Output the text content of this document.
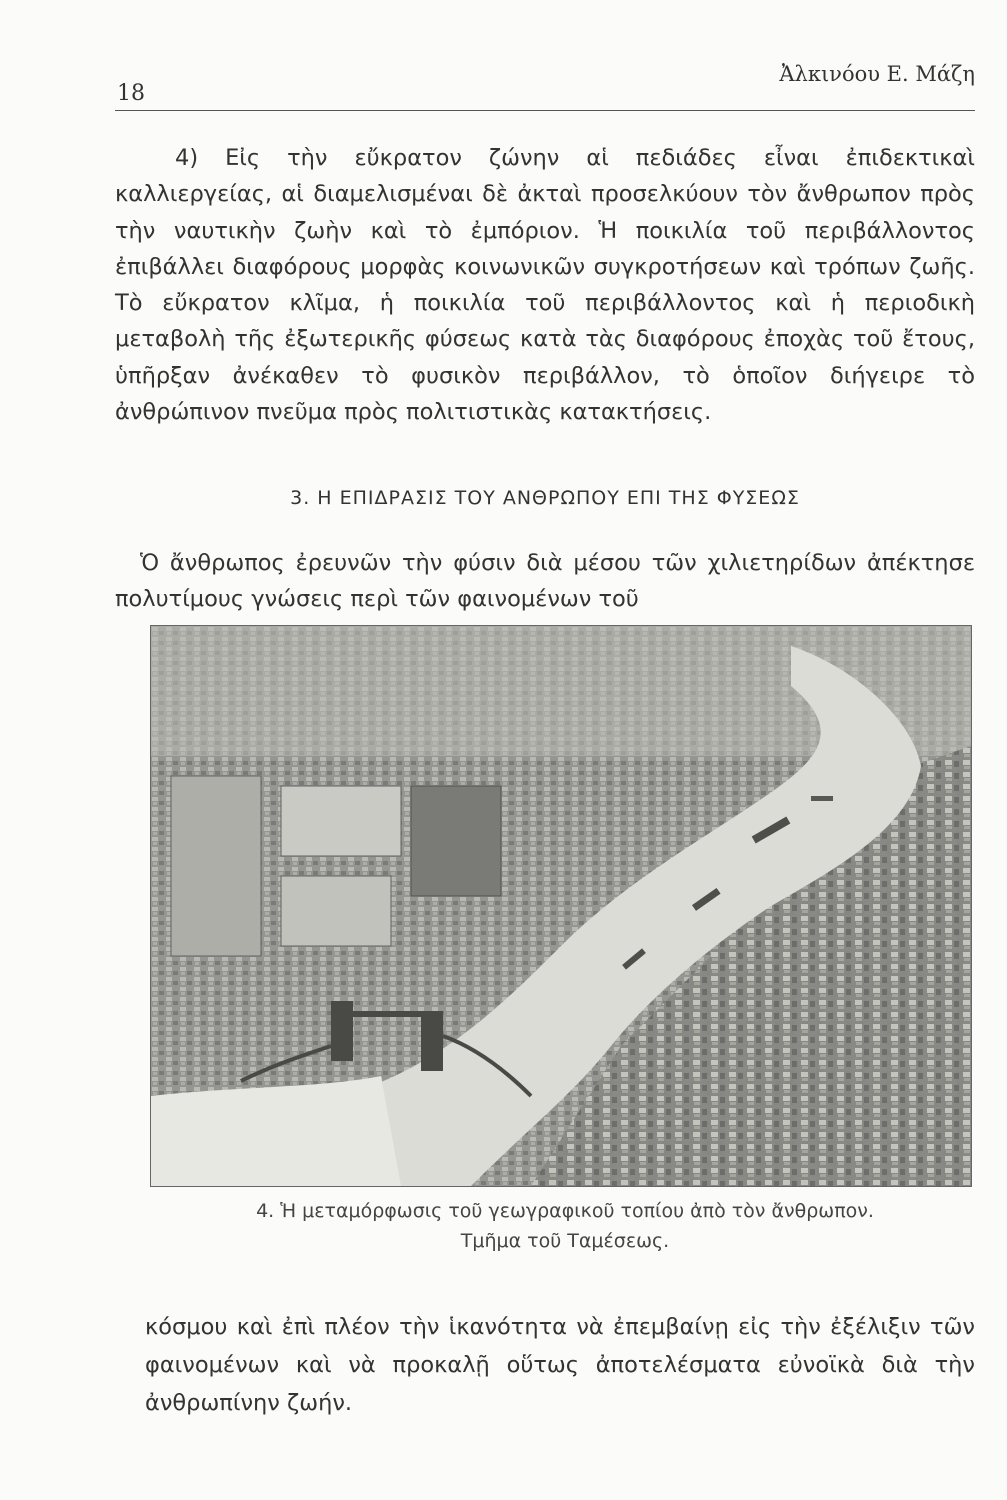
18
Ἀλκινόου Ε. Μάζη

4) Εἰς τὴν εὔκρατον ζώνην αἱ πεδιάδες εἶναι ἐπιδεκτικαὶ καλλιεργείας, αἱ διαμελισμέναι δὲ ἀκταὶ προσελκύουν τὸν ἄνθρωπον πρὸς τὴν ναυτικὴν ζωὴν καὶ τὸ ἐμπόριον. Ἡ ποικιλία τοῦ περιβάλλοντος ἐπιβάλλει διαφόρους μορφὰς κοινωνικῶν συγκροτήσεων καὶ τρόπων ζωῆς. Τὸ εὔκρατον κλῖμα, ἡ ποικιλία τοῦ περιβάλλοντος καὶ ἡ περιοδικὴ μεταβολὴ τῆς ἐξωτερικῆς φύσεως κατὰ τὰς διαφόρους ἐποχὰς τοῦ ἔτους, ὑπῆρξαν ἀνέκαθεν τὸ φυσικὸν περιβάλλον, τὸ ὁποῖον διήγειρε τὸ ἀνθρώπινον πνεῦμα πρὸς πολιτιστικὰς κατακτήσεις.

3. Η ΕΠΙΔΡΑΣΙΣ ΤΟΥ ΑΝΘΡΩΠΟΥ ΕΠΙ ΤΗΣ ΦΥΣΕΩΣ

Ὁ ἄνθρωπος ἐρευνῶν τὴν φύσιν διὰ μέσου τῶν χιλιετηρίδων ἀπέκτησε πολυτίμους γνώσεις περὶ τῶν φαινομένων τοῦ

4. Ἡ μεταμόρφωσις τοῦ γεωγραφικοῦ τοπίου ἀπὸ τὸν ἄνθρωπον.
Τμῆμα τοῦ Ταμέσεως.

κόσμου καὶ ἐπὶ πλέον τὴν ἱκανότητα νὰ ἐπεμβαίνῃ εἰς τὴν ἐξέλιξιν τῶν φαινομένων καὶ νὰ προκαλῇ οὕτως ἀποτελέσματα εὐνοϊκὰ διὰ τὴν ἀνθρωπίνην ζωήν.
